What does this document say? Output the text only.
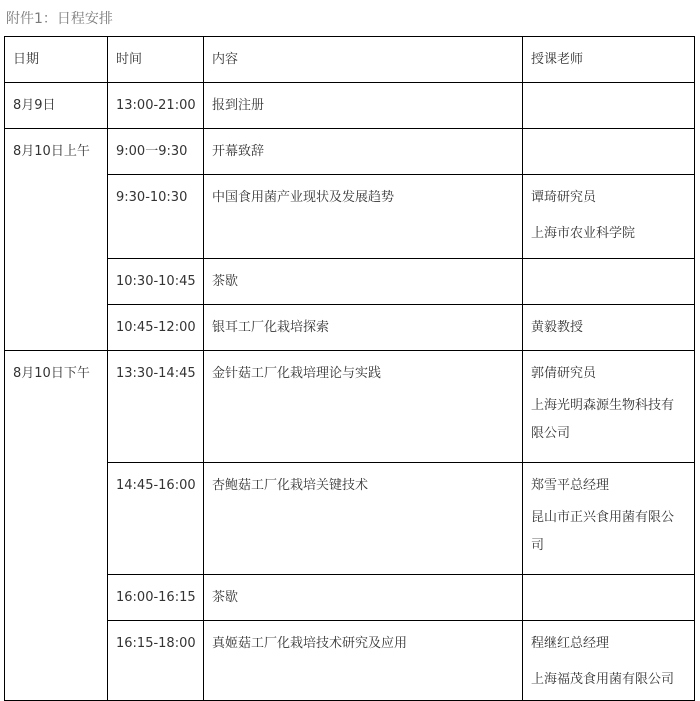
附件1：日程安排
日期	时间	内容	授课老师

8月9日	13:00-21:00	报到注册	

8月10日上午	9:00一9:30	开幕致辞	

	9:30-10:30	中国食用菌产业现状及发展趋势	谭琦研究员
上海市农业科学院

	10:30-10:45	茶歇	

	10:45-12:00	银耳工厂化栽培探索	黄毅教授

8月10日下午	13:30-14:45	金针菇工厂化栽培理论与实践	郭倩研究员
上海光明森源生物科技有限公司

	14:45-16:00	杏鲍菇工厂化栽培关键技术	郑雪平总经理
昆山市正兴食用菌有限公司

	16:00-16:15	茶歇	

	16:15-18:00	真姬菇工厂化栽培技术研究及应用	程继红总经理
上海福茂食用菌有限公司
